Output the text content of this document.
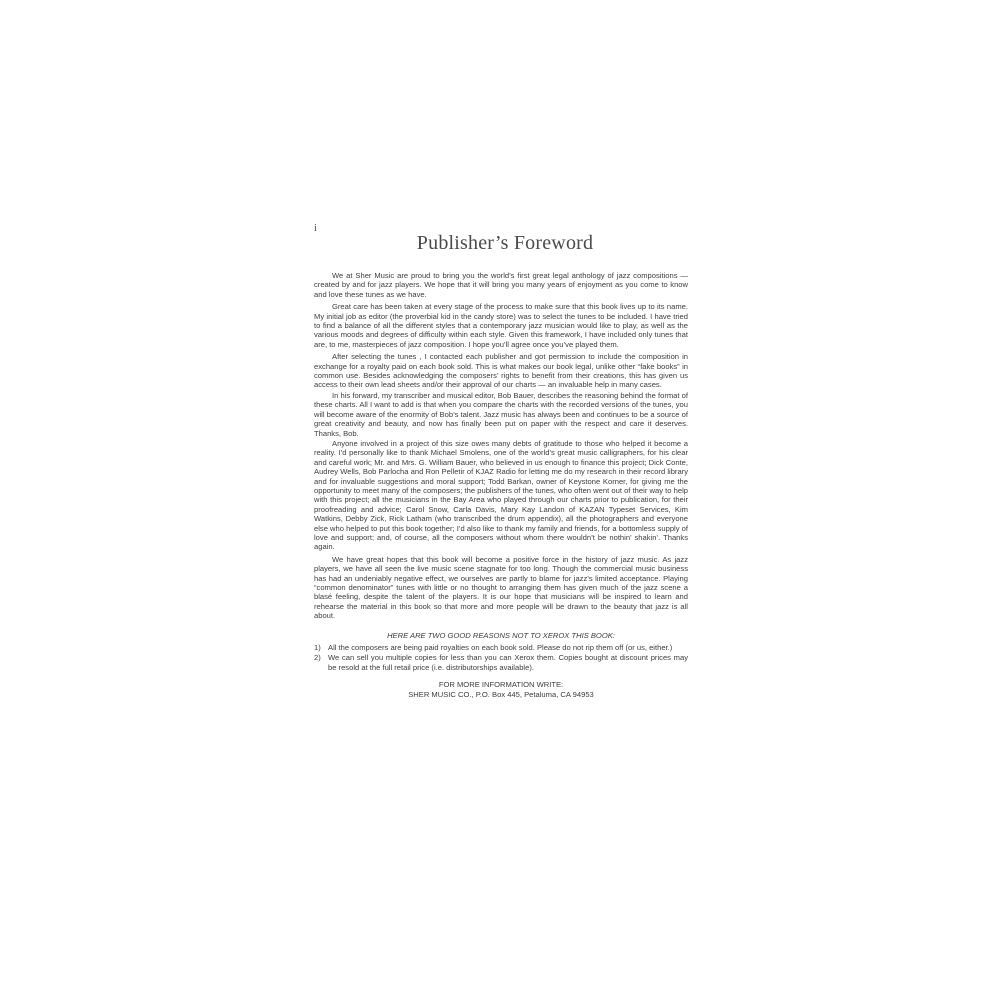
i
Publisher’s Foreword

We at Sher Music are proud to bring you the world’s first great legal anthology of jazz compositions — created by and for jazz players. We hope that it will bring you many years of enjoyment as you come to know and love these tunes as we have.

Great care has been taken at every stage of the process to make sure that this book lives up to its name. My initial job as editor (the proverbial kid in the candy store) was to select the tunes to be included. I have tried to find a balance of all the different styles that a contemporary jazz musician would like to play, as well as the various moods and degrees of difficulty within each style. Given this framework, I have included only tunes that are, to me, masterpieces of jazz composition. I hope you’ll agree once you’ve played them.

After selecting the tunes , I contacted each publisher and got permission to include the composition in exchange for a royalty paid on each book sold. This is what makes our book legal, unlike other “fake books” in common use. Besides acknowledging the composers’ rights to benefit from their creations, this has given us access to their own lead sheets and/or their approval of our charts — an invaluable help in many cases.

In his forward, my transcriber and musical editor, Bob Bauer, describes the reasoning behind the format of these charts. All I want to add is that when you compare the charts with the recorded versions of the tunes, you will become aware of the enormity of Bob’s talent. Jazz music has always been and continues to be a source of great creativity and beauty, and now has finally been put on paper with the respect and care it deserves. Thanks, Bob.

Anyone involved in a project of this size owes many debts of gratitude to those who helped it become a reality. I’d personally like to thank Michael Smolens, one of the world’s great music calligraphers, for his clear and careful work; Mr. and Mrs. G. William Bauer, who believed in us enough to finance this project; Dick Conte, Audrey Wells, Bob Parlocha and Ron Pelletir of KJAZ Radio for letting me do my research in their record library and for invaluable suggestions and moral support; Todd Barkan, owner of Keystone Korner, for giving me the opportunity to meet many of the composers; the publishers of the tunes, who often went out of their way to help with this project; all the musicians in the Bay Area who played through our charts prior to publication, for their proofreading and advice; Carol Snow, Carla Davis, Mary Kay Landon of KAZAN Typeset Services, Kim Watkins, Debby Zick, Rick Latham (who transcribed the drum appendix), all the photographers and everyone else who helped to put this book together; I’d also like to thank my family and friends, for a bottomless supply of love and support; and, of course, all the composers without whom there wouldn’t be nothin’ shakin’. Thanks again.

We have great hopes that this book will become a positive force in the history of jazz music. As jazz players, we have all seen the live music scene stagnate for too long. Though the commercial music business has had an undeniably negative effect, we ourselves are partly to blame for jazz’s limited acceptance. Playing “common denominator” tunes with little or no thought to arranging them has given much of the jazz scene a blasé feeling, despite the talent of the players. It is our hope that musicians will be inspired to learn and rehearse the material in this book so that more and more people will be drawn to the beauty that jazz is all about.

HERE ARE TWO GOOD REASONS NOT TO XEROX THIS BOOK:
1) All the composers are being paid royalties on each book sold. Please do not rip them off (or us, either.)
2) We can sell you multiple copies for less than you can Xerox them. Copies bought at discount prices may be resold at the full retail price (i.e. distributorships available).
FOR MORE INFORMATION WRITE:
SHER MUSIC CO., P.O. Box 445, Petaluma, CA 94953
